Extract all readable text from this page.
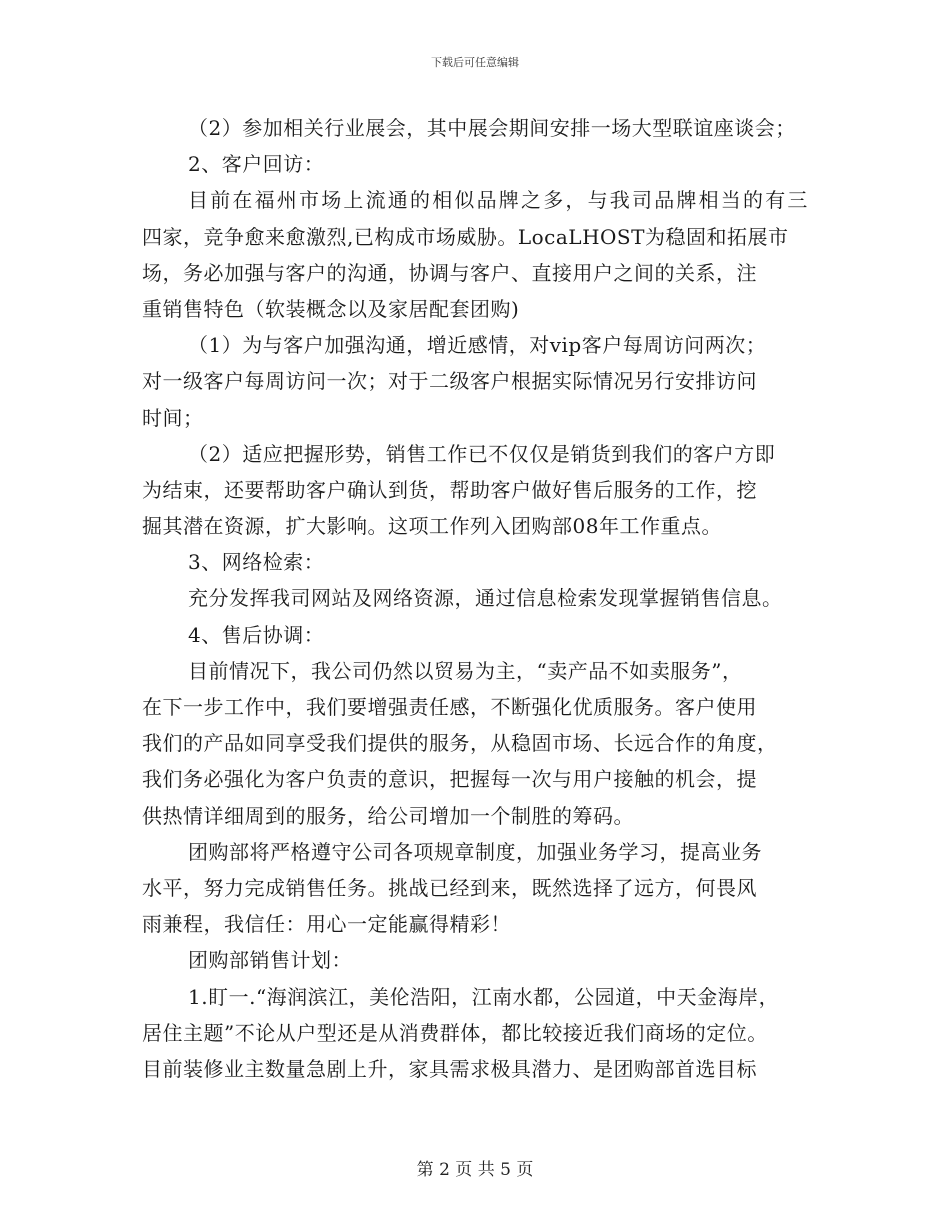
下载后可任意编辑
（2）参加相关行业展会，其中展会期间安排一场大型联谊座谈会；
2、客户回访：
目前在福州市场上流通的相似品牌之多，与我司品牌相当的有三
四家，竞争愈来愈激烈,已构成市场威胁。LocaLHOST为稳固和拓展市
场，务必加强与客户的沟通，协调与客户、直接用户之间的关系，注
重销售特色（软装概念以及家居配套团购)
（1）为与客户加强沟通，增近感情，对vip客户每周访问两次；
对一级客户每周访问一次；对于二级客户根据实际情况另行安排访问
时间；
（2）适应把握形势，销售工作已不仅仅是销货到我们的客户方即
为结束，还要帮助客户确认到货，帮助客户做好售后服务的工作，挖
掘其潜在资源，扩大影响。这项工作列入团购部08年工作重点。
3、网络检索：
充分发挥我司网站及网络资源，通过信息检索发现掌握销售信息。
4、售后协调：
目前情况下，我公司仍然以贸易为主，“卖产品不如卖服务”，
在下一步工作中，我们要增强责任感，不断强化优质服务。客户使用
我们的产品如同享受我们提供的服务，从稳固市场、长远合作的角度，
我们务必强化为客户负责的意识，把握每一次与用户接触的机会，提
供热情详细周到的服务，给公司增加一个制胜的筹码。
团购部将严格遵守公司各项规章制度，加强业务学习，提高业务
水平，努力完成销售任务。挑战已经到来，既然选择了远方，何畏风
雨兼程，我信任：用心一定能赢得精彩！
团购部销售计划：
1.盯一.“海润滨江，美伦浩阳，江南水都，公园道，中天金海岸，
居住主题”不论从户型还是从消费群体，都比较接近我们商场的定位。
目前装修业主数量急剧上升，家具需求极具潜力、是团购部首选目标
第 2 页 共 5 页
